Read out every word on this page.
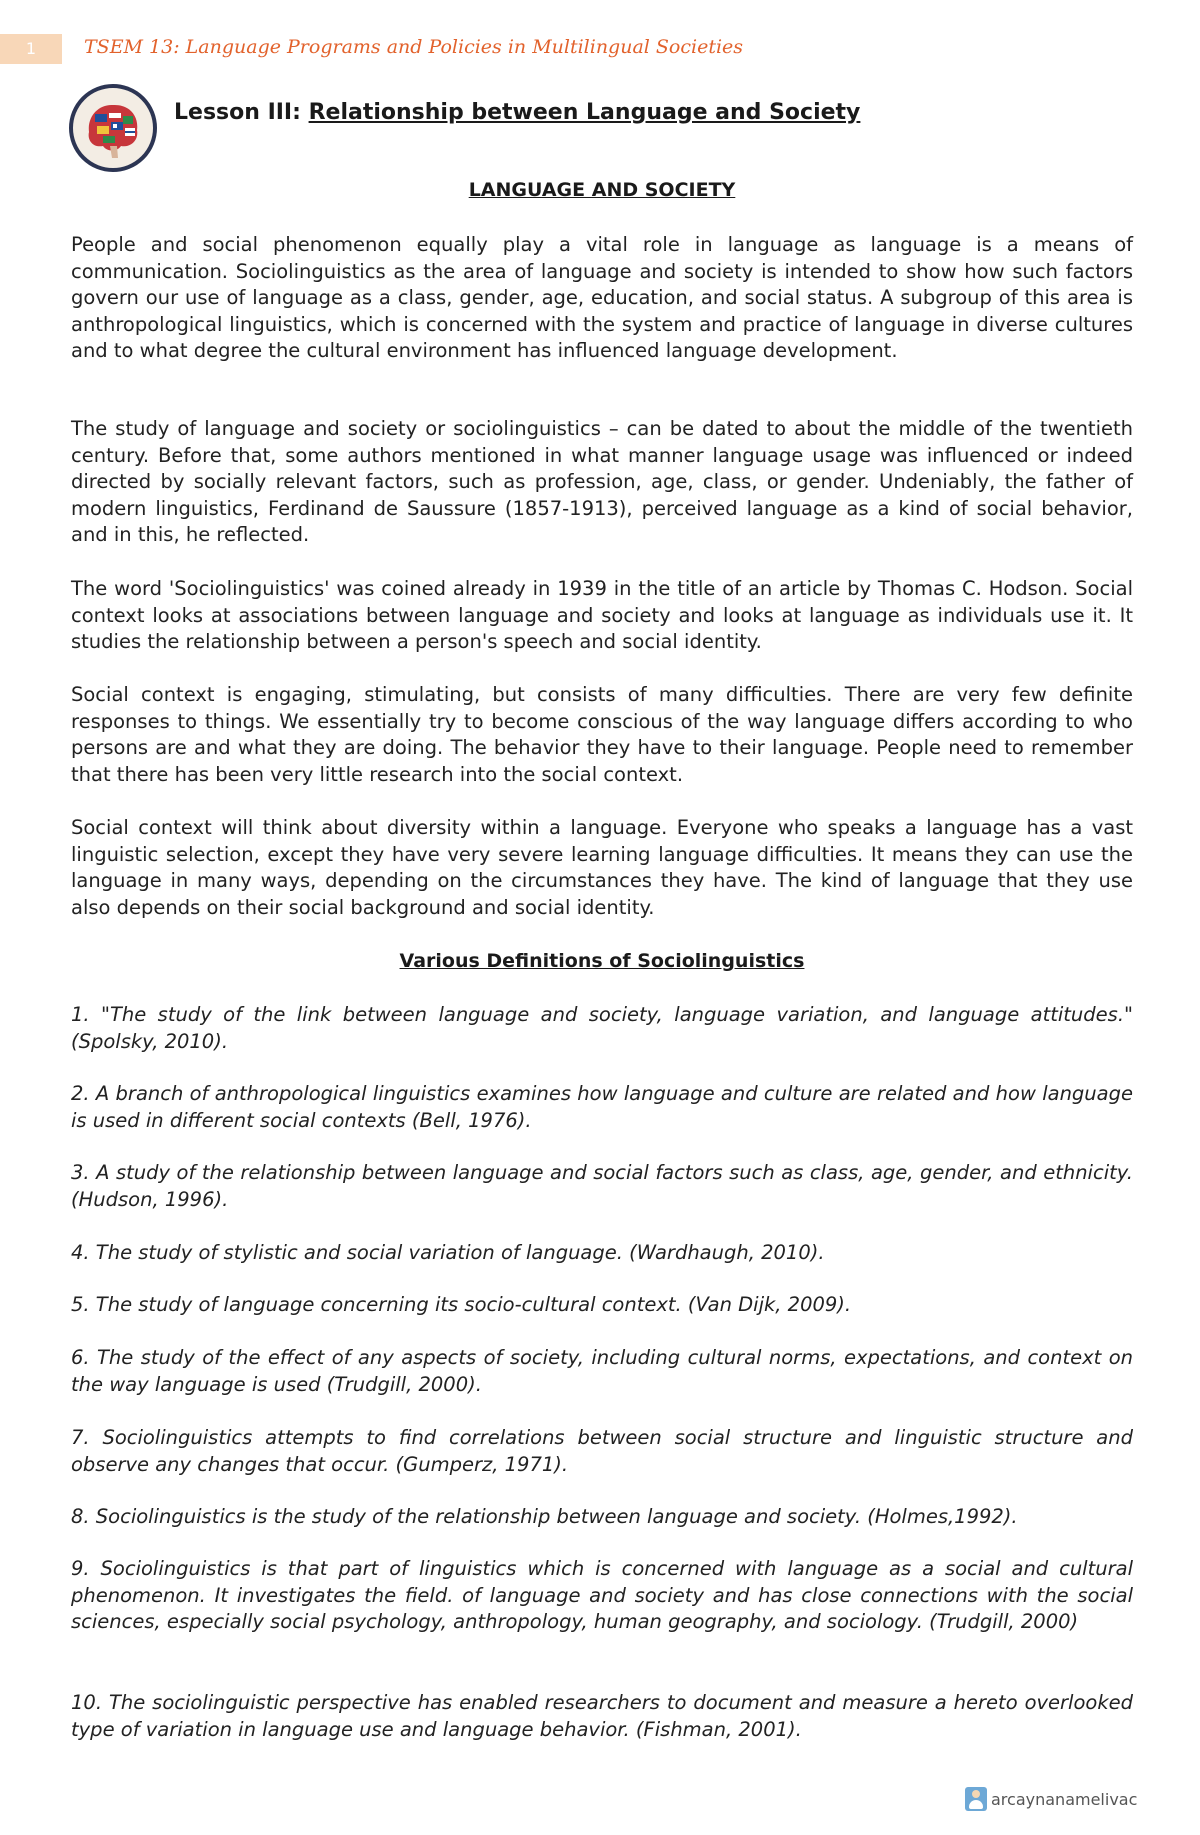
1	TSEM 13: Language Programs and Policies in Multilingual Societies
Lesson III: Relationship between Language and Society
LANGUAGE AND SOCIETY

People and social phenomenon equally play a vital role in language as language is a means of communication. Sociolinguistics as the area of language and society is intended to show how such factors govern our use of language as a class, gender, age, education, and social status. A subgroup of this area is anthropological linguistics, which is concerned with the system and practice of language in diverse cultures and to what degree the cultural environment has influenced language development.

The study of language and society or sociolinguistics – can be dated to about the middle of the twentieth century. Before that, some authors mentioned in what manner language usage was influenced or indeed directed by socially relevant factors, such as profession, age, class, or gender. Undeniably, the father of modern linguistics, Ferdinand de Saussure (1857-1913), perceived language as a kind of social behavior, and in this, he reflected.

The word 'Sociolinguistics' was coined already in 1939 in the title of an article by Thomas C. Hodson. Social context looks at associations between language and society and looks at language as individuals use it. It studies the relationship between a person's speech and social identity.

Social context is engaging, stimulating, but consists of many difficulties. There are very few definite responses to things. We essentially try to become conscious of the way language differs according to who persons are and what they are doing. The behavior they have to their language. People need to remember that there has been very little research into the social context.

Social context will think about diversity within a language. Everyone who speaks a language has a vast linguistic selection, except they have very severe learning language difficulties. It means they can use the language in many ways, depending on the circumstances they have. The kind of language that they use also depends on their social background and social identity.

Various Definitions of Sociolinguistics

1. "The study of the link between language and society, language variation, and language attitudes." (Spolsky, 2010).

2. A branch of anthropological linguistics examines how language and culture are related and how language is used in different social contexts (Bell, 1976).

3. A study of the relationship between language and social factors such as class, age, gender, and ethnicity. (Hudson, 1996).

4. The study of stylistic and social variation of language. (Wardhaugh, 2010).

5. The study of language concerning its socio-cultural context. (Van Dijk, 2009).

6. The study of the effect of any aspects of society, including cultural norms, expectations, and context on the way language is used (Trudgill, 2000).

7. Sociolinguistics attempts to find correlations between social structure and linguistic structure and observe any changes that occur. (Gumperz, 1971).

8. Sociolinguistics is the study of the relationship between language and society. (Holmes,1992).

9. Sociolinguistics is that part of linguistics which is concerned with language as a social and cultural phenomenon. It investigates the field. of language and society and has close connections with the social sciences, especially social psychology, anthropology, human geography, and sociology. (Trudgill, 2000)

10. The sociolinguistic perspective has enabled researchers to document and measure a hereto overlooked type of variation in language use and language behavior. (Fishman, 2001).

arcaynanamelivac
